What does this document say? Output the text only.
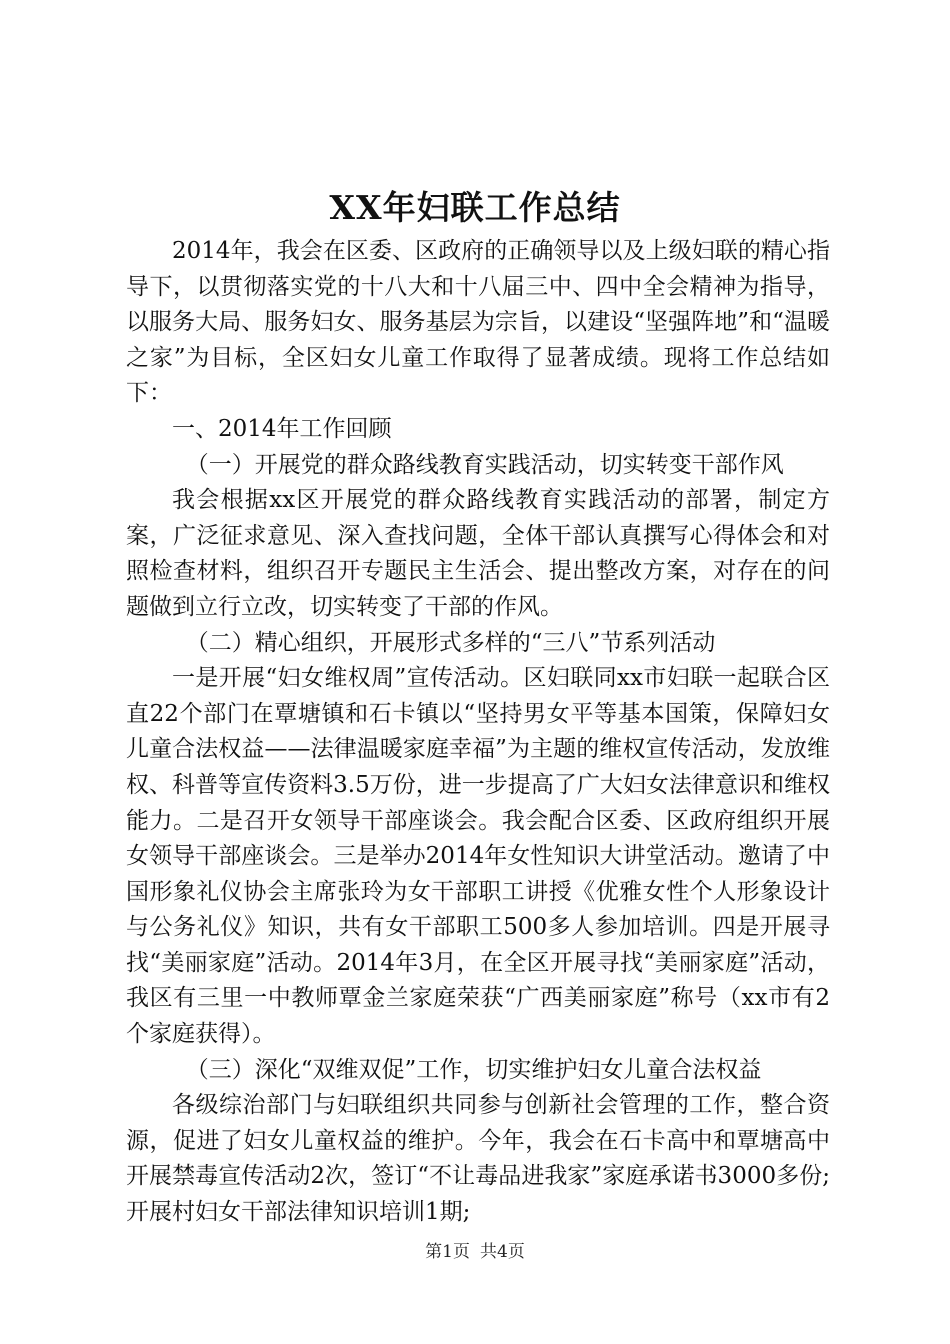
XX年妇联工作总结

2014年，我会在区委、区政府的正确领导以及上级妇联的精心指导下，以贯彻落实党的十八大和十八届三中、四中全会精神为指导，以服务大局、服务妇女、服务基层为宗旨，以建设“坚强阵地”和“温暖之家”为目标，全区妇女儿童工作取得了显著成绩。现将工作总结如下：

一、2014年工作回顾

（一）开展党的群众路线教育实践活动，切实转变干部作风

我会根据xx区开展党的群众路线教育实践活动的部署，制定方案，广泛征求意见、深入查找问题，全体干部认真撰写心得体会和对照检查材料，组织召开专题民主生活会、提出整改方案，对存在的问题做到立行立改，切实转变了干部的作风。

（二）精心组织，开展形式多样的“三八”节系列活动

一是开展“妇女维权周”宣传活动。区妇联同xx市妇联一起联合区直22个部门在覃塘镇和石卡镇以“坚持男女平等基本国策，保障妇女儿童合法权益——法律温暖家庭幸福”为主题的维权宣传活动，发放维权、科普等宣传资料3.5万份，进一步提高了广大妇女法律意识和维权能力。二是召开女领导干部座谈会。我会配合区委、区政府组织开展女领导干部座谈会。三是举办2014年女性知识大讲堂活动。邀请了中国形象礼仪协会主席张玲为女干部职工讲授《优雅女性个人形象设计与公务礼仪》知识，共有女干部职工500多人参加培训。四是开展寻找“美丽家庭”活动。2014年3月，在全区开展寻找“美丽家庭”活动，我区有三里一中教师覃金兰家庭荣获“广西美丽家庭”称号（xx市有2个家庭获得）。

（三）深化“双维双促”工作，切实维护妇女儿童合法权益

各级综治部门与妇联组织共同参与创新社会管理的工作，整合资源，促进了妇女儿童权益的维护。今年，我会在石卡高中和覃塘高中开展禁毒宣传活动2次，签订“不让毒品进我家”家庭承诺书3000多份;开展村妇女干部法律知识培训1期;

第1页 共4页
